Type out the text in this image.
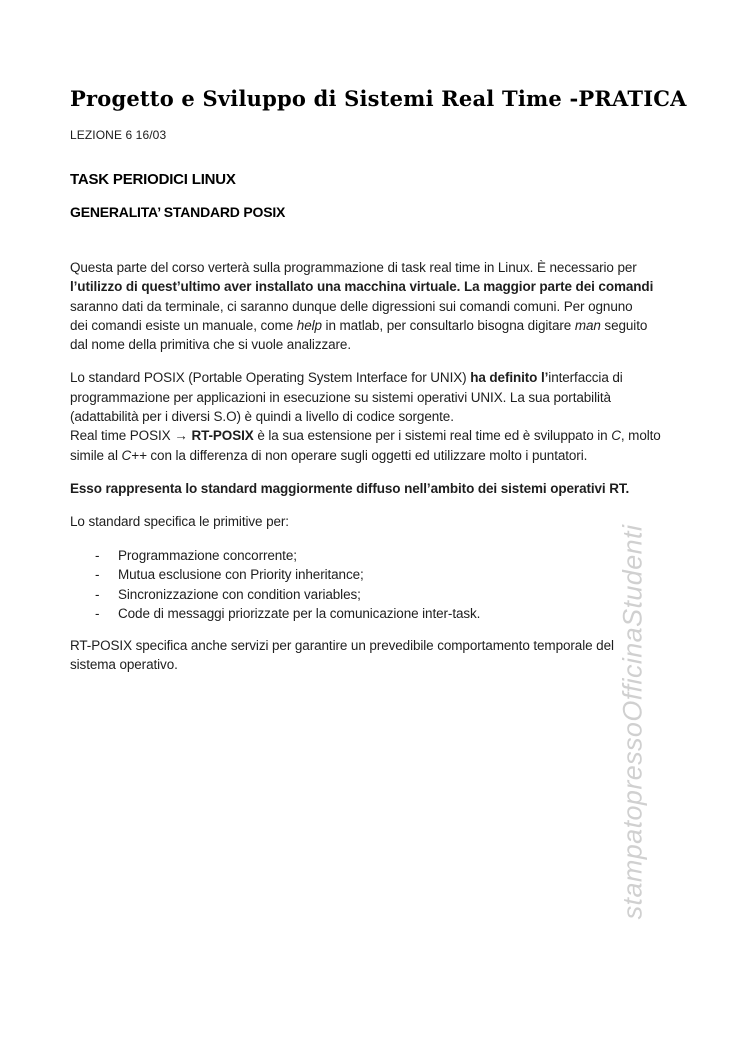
Progetto e Sviluppo di Sistemi Real Time -PRATICA
LEZIONE 6 16/03
TASK PERIODICI LINUX
GENERALITA’ STANDARD POSIX
Questa parte del corso verterà sulla programmazione di task real time in Linux. È necessario per
l’utilizzo di quest’ultimo aver installato una macchina virtuale. La maggior parte dei comandi
saranno dati da terminale, ci saranno dunque delle digressioni sui comandi comuni. Per ognuno
dei comandi esiste un manuale, come help in matlab, per consultarlo bisogna digitare man seguito
dal nome della primitiva che si vuole analizzare.
Lo standard POSIX (Portable Operating System Interface for UNIX) ha definito l’interfaccia di
programmazione per applicazioni in esecuzione su sistemi operativi UNIX. La sua portabilità
(adattabilità per i diversi S.O) è quindi a livello di codice sorgente.
Real time POSIX → RT-POSIX è la sua estensione per i sistemi real time ed è sviluppato in C, molto
simile al C++ con la differenza di non operare sugli oggetti ed utilizzare molto i puntatori.
Esso rappresenta lo standard maggiormente diffuso nell’ambito dei sistemi operativi RT.
Lo standard specifica le primitive per:
-	Programmazione concorrente;
-	Mutua esclusione con Priority inheritance;
-	Sincronizzazione con condition variables;
-	Code di messaggi priorizzate per la comunicazione inter-task.
RT-POSIX specifica anche servizi per garantire un prevedibile comportamento temporale del
sistema operativo.	stampatopressoOfficinaStudenti
